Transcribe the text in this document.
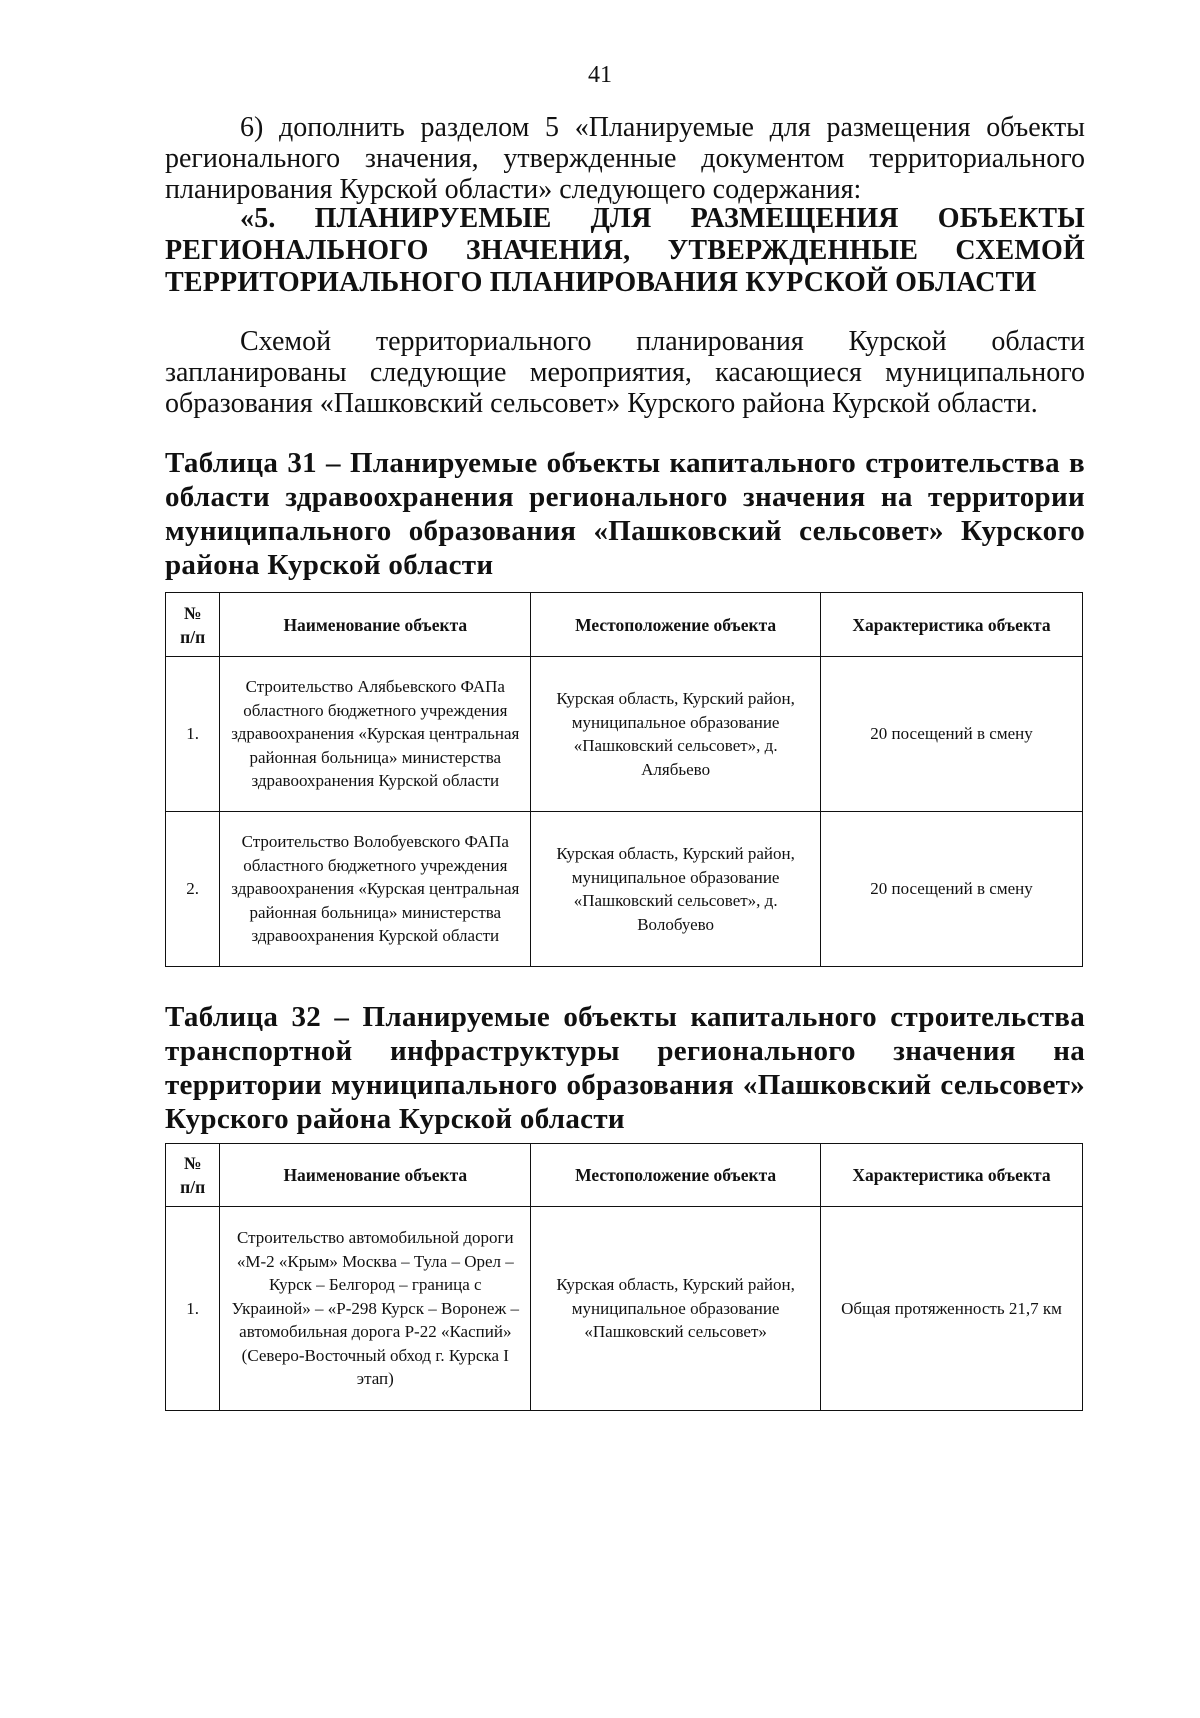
41

6) дополнить разделом 5 «Планируемые для размещения объекты регионального значения, утвержденные документом территориального планирования Курской области» следующего содержания:

«5. ПЛАНИРУЕМЫЕ ДЛЯ РАЗМЕЩЕНИЯ ОБЪЕКТЫ РЕГИОНАЛЬНОГО ЗНАЧЕНИЯ, УТВЕРЖДЕННЫЕ СХЕМОЙ ТЕРРИТОРИАЛЬНОГО ПЛАНИРОВАНИЯ КУРСКОЙ ОБЛАСТИ

Схемой территориального планирования Курской области запланированы следующие мероприятия, касающиеся муниципального образования «Пашковский сельсовет» Курского района Курской области.

Таблица 31 – Планируемые объекты капитального строительства в области здравоохранения регионального значения на территории муниципального образования «Пашковский сельсовет» Курского района Курской области

№
п/п	Наименование объекта	Местоположение объекта	Характеристика объекта
1.	Строительство Алябьевского ФАПа областного бюджетного учреждения здравоохранения «Курская центральная районная больница» министерства здравоохранения Курской области	Курская область, Курский район, муниципальное образование «Пашковский сельсовет», д. Алябьево	20 посещений в смену
2.	Строительство Волобуевского ФАПа областного бюджетного учреждения здравоохранения «Курская центральная районная больница» министерства здравоохранения Курской области	Курская область, Курский район, муниципальное образование «Пашковский сельсовет», д. Волобуево	20 посещений в смену

Таблица 32 – Планируемые объекты капитального строительства транспортной инфраструктуры регионального значения на территории муниципального образования «Пашковский сельсовет» Курского района Курской области

№
п/п	Наименование объекта	Местоположение объекта	Характеристика объекта
1.	Строительство автомобильной дороги «М-2 «Крым» Москва – Тула – Орел – Курск – Белгород – граница с Украиной» – «Р-298 Курск – Воронеж – автомобильная дорога Р-22 «Каспий» (Северо-Восточный обход г. Курска I этап)	Курская область, Курский район, муниципальное образование «Пашковский сельсовет»	Общая протяженность 21,7 км
